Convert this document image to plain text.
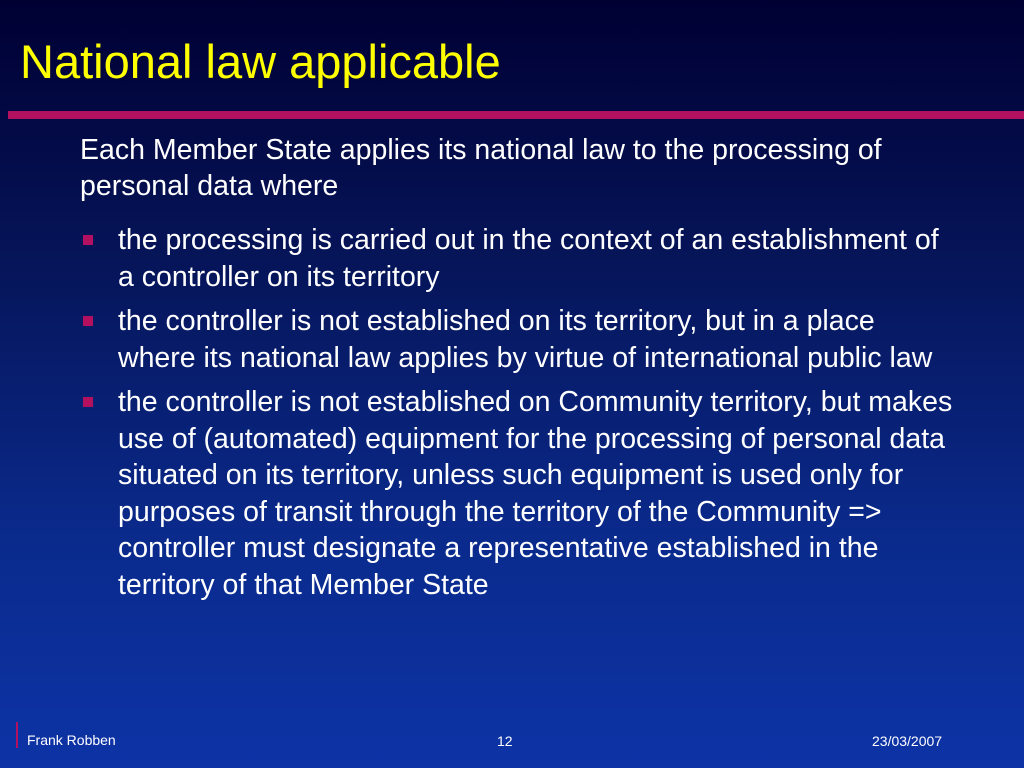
National law applicable
Each Member State applies its national law to the processing of personal data where
the processing is carried out in the context of an establishment of a controller on its territory
the controller is not established on its territory, but in a place where its national law applies by virtue of international public law
the controller is not established on Community territory, but makes use of (automated) equipment for the processing of personal data situated on its territory, unless such equipment is used only for purposes of transit through the territory of the Community => controller must designate a representative established in the territory of that Member State
Frank Robben	12	23/03/2007
